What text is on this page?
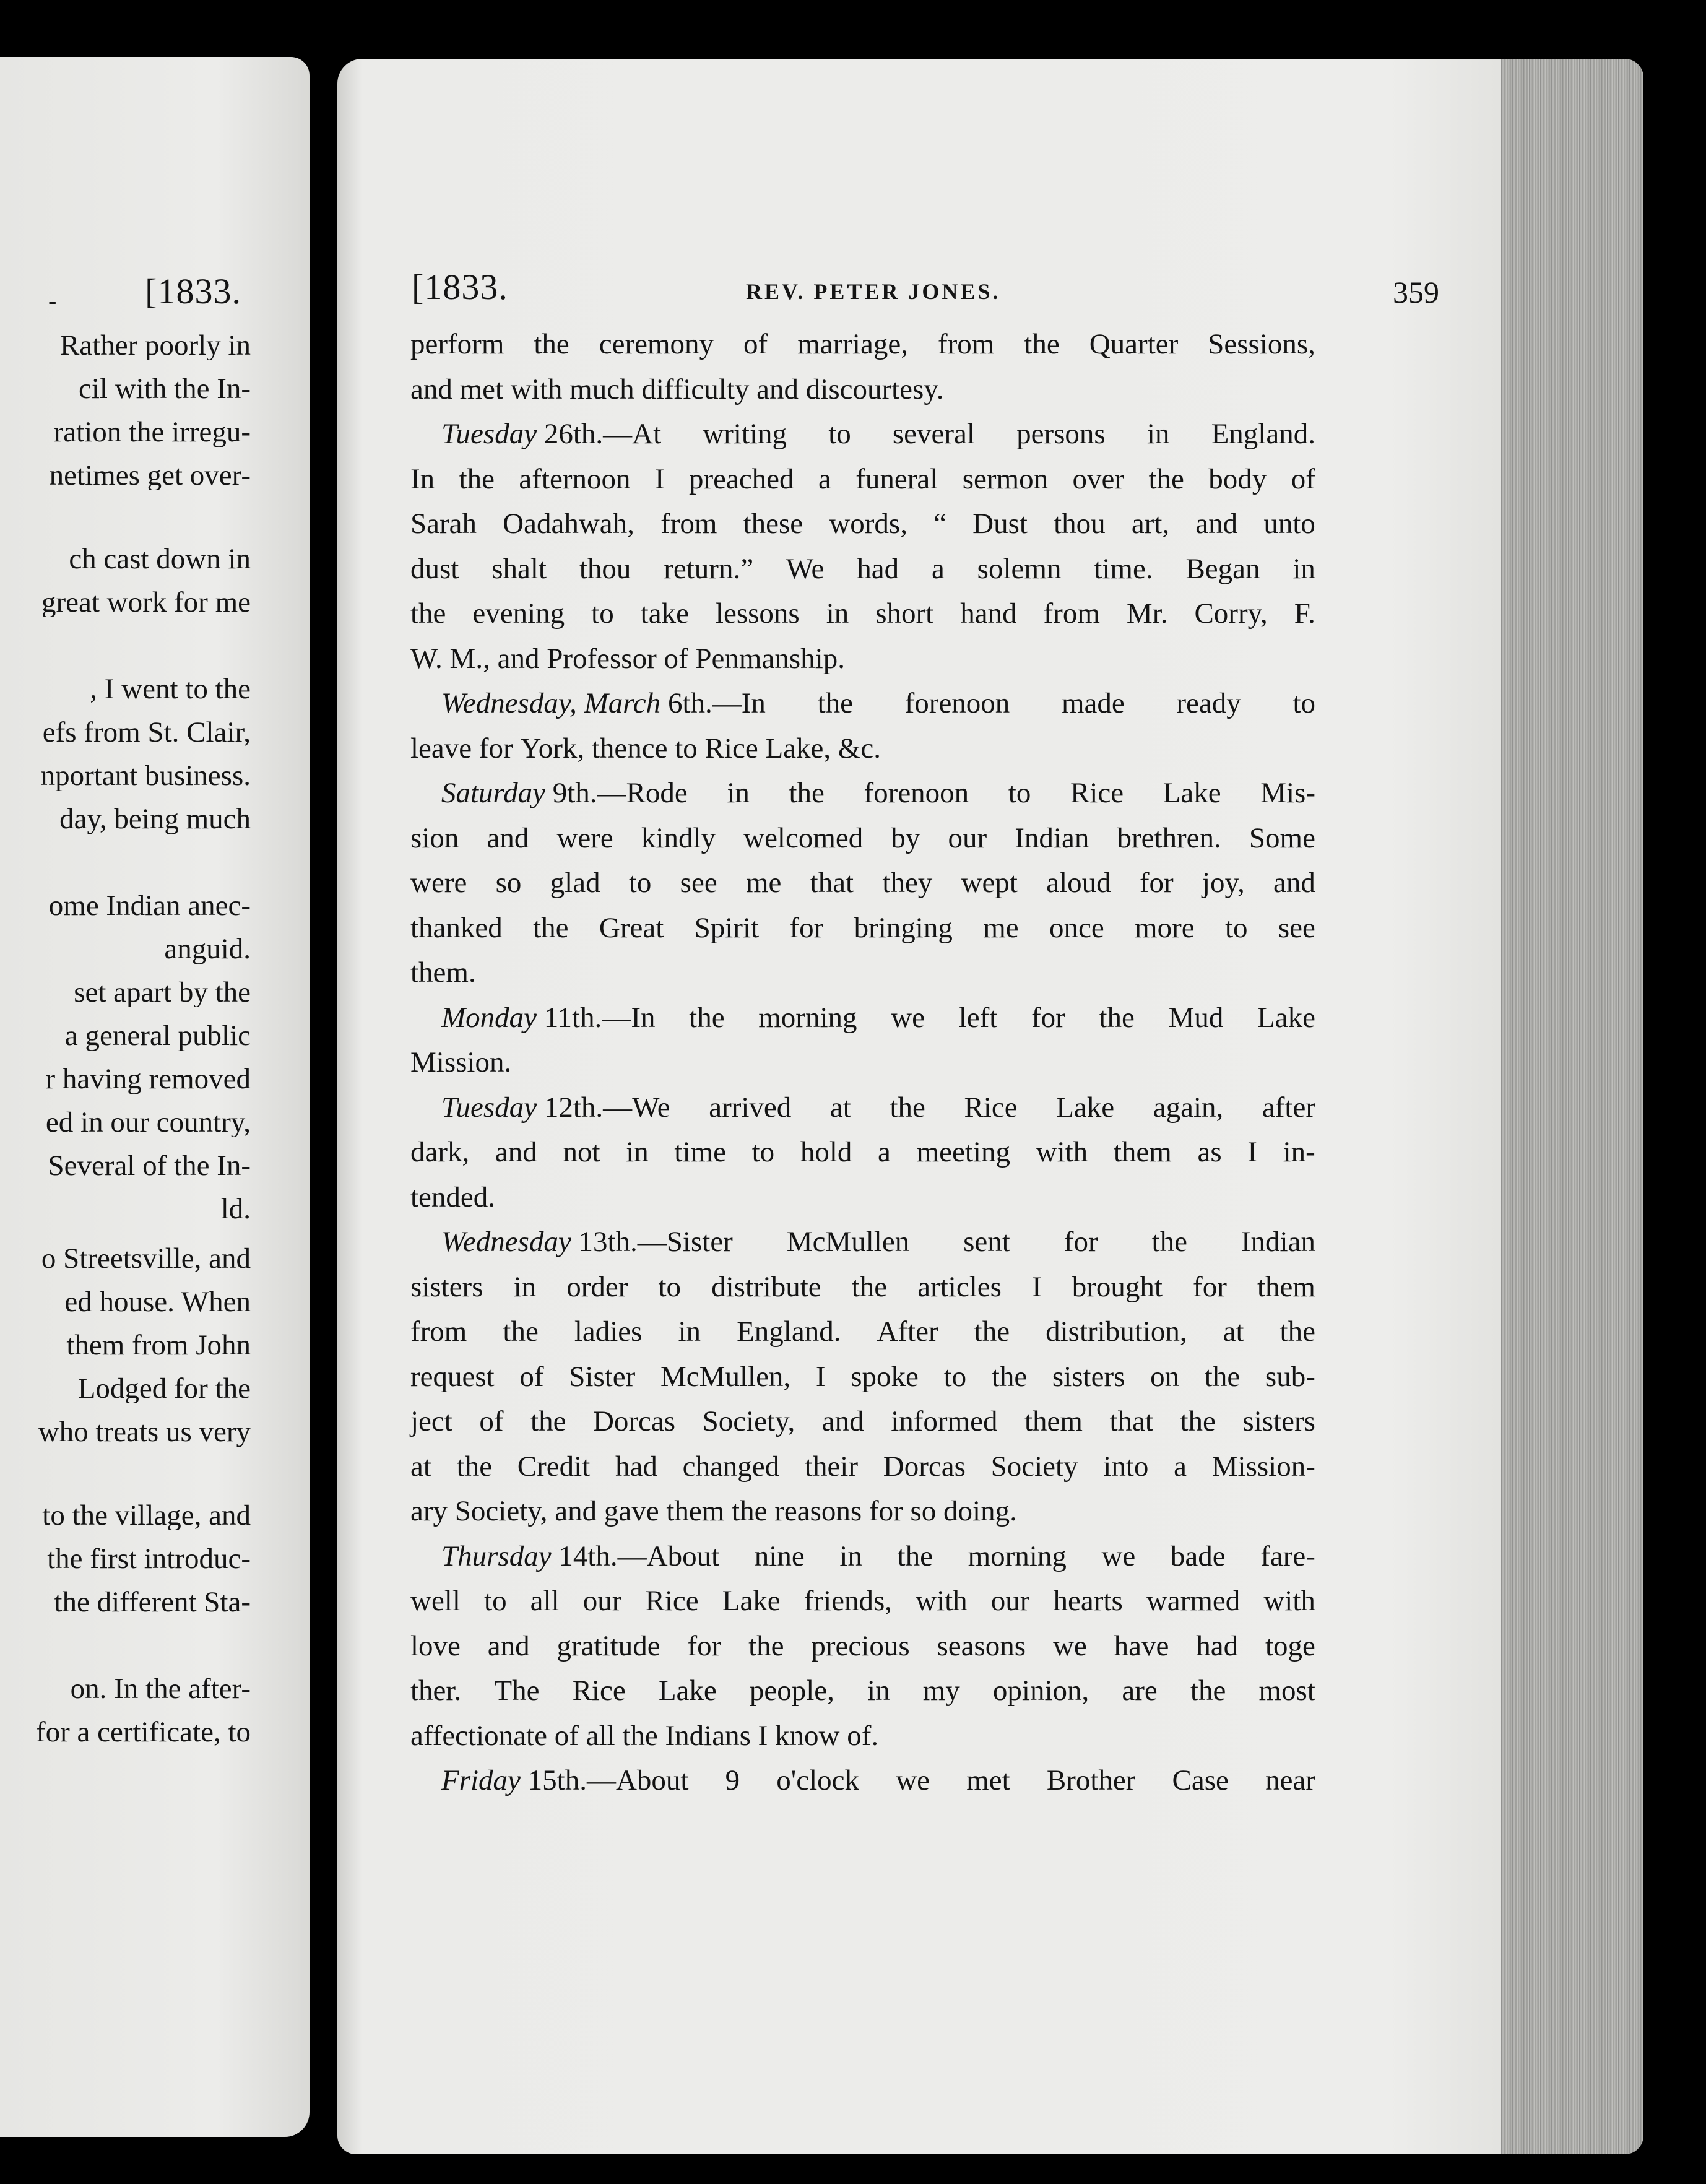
- [1833.
Rather poorly in
cil with the In-
ration the irregu-
netimes get over-
ch cast down in
great work for me
, I went to the
efs from St. Clair,
nportant business.
day, being much
ome Indian anec-
anguid.
set apart by the
a general public
r having removed
ed in our country,
Several of the In-
ld.
o Streetsville, and
ed house. When
them from John
Lodged for the
who treats us very
to the village, and
the first introduc-
the different Sta-
on. In the after-
for a certificate, to
[1833.	REV. PETER JONES.	359
perform the ceremony of marriage, from the Quarter Sessions,
and
met
with
much
difficulty
and
discourtesy.
Tuesday 26th.—At writing to several persons in England.
In the afternoon I preached a funeral sermon over the body of
Sarah Oadahwah, from these words, “ Dust thou art, and unto
dust shalt thou return.” We had a solemn time. Began in
the evening to take lessons in short hand from Mr. Corry, F.
W.
M.,
and
Professor
of
Penmanship.
Wednesday, March 6th.—In the forenoon made ready to
leave
for
York,
thence
to
Rice
Lake,
&c.
Saturday 9th.—Rode in the forenoon to Rice Lake Mis-
sion and were kindly welcomed by our Indian brethren. Some
were so glad to see me that they wept aloud for joy, and
thanked the Great Spirit for bringing me once more to see
them.
Monday 11th.—In the morning we left for the Mud Lake
Mission.
Tuesday 12th.—We arrived at the Rice Lake again, after
dark, and not in time to hold a meeting with them as I in-
tended.
Wednesday 13th.—Sister McMullen sent for the Indian
sisters in order to distribute the articles I brought for them
from the ladies in England. After the distribution, at the
request of Sister McMullen, I spoke to the sisters on the sub-
ject of the Dorcas Society, and informed them that the sisters
at the Credit had changed their Dorcas Society into a Mission-
ary
Society,
and
gave
them
the
reasons
for
so
doing.
Thursday 14th.—About nine in the morning we bade fare-
well to all our Rice Lake friends, with our hearts warmed with
love and gratitude for the precious seasons we have had toge
ther. The Rice Lake people, in my opinion, are the most
affectionate
of
all
the
Indians
I
know
of.
Friday 15th.—About 9 o'clock we met Brother Case near
